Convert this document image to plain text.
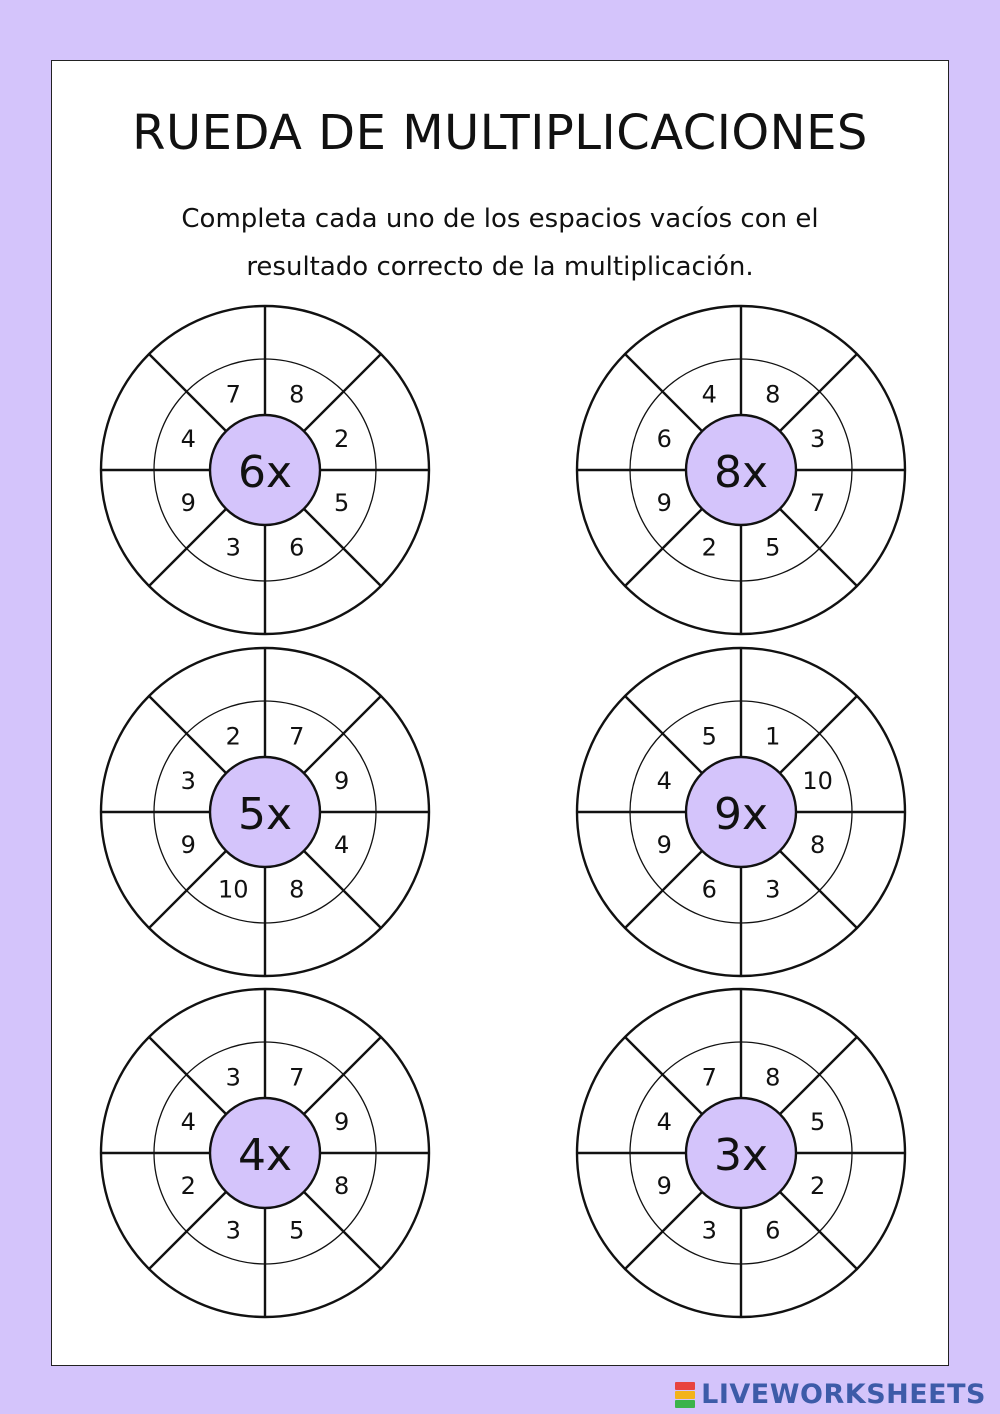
RUEDA DE MULTIPLICACIONES

Completa cada uno de los espacios vacíos con el
resultado correcto de la multiplicación.

6x
7 8
2
5
6
3
9
4
8x
4 8
3
7
5
2
9
6
5x
2 7
9
4
8
10
9
3
9x
5 1
10
8
3
6
9
4
4x
3 7
9
8
5
3
2
4
3x
7 8
5
2
6
3
9
4
LIVEWORKSHEETS
